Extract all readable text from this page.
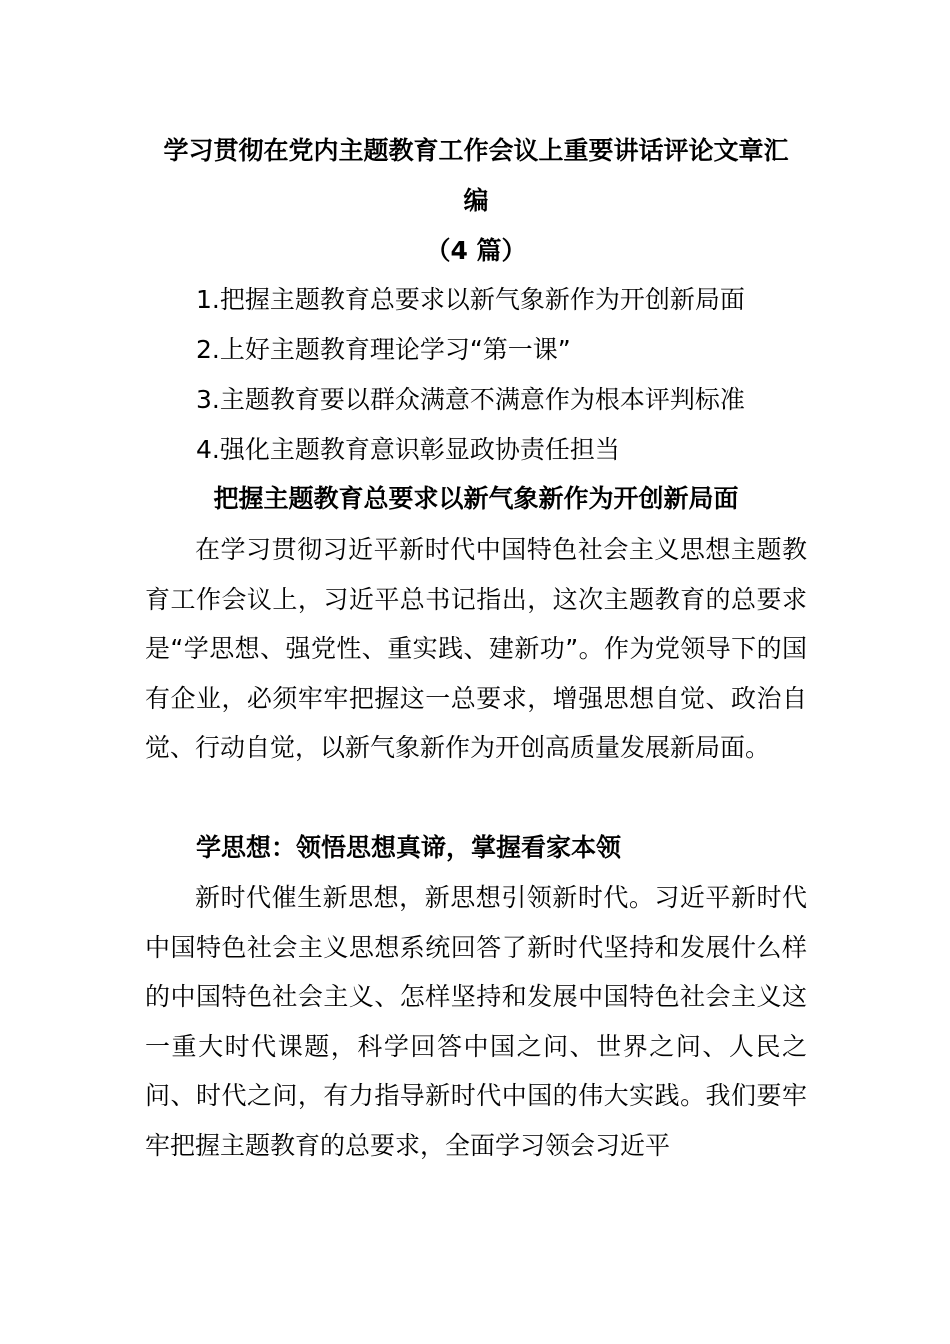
学习贯彻在党内主题教育工作会议上重要讲话评论文章汇
编
（4 篇）
1.把握主题教育总要求以新气象新作为开创新局面
2.上好主题教育理论学习“第一课”
3.主题教育要以群众满意不满意作为根本评判标准
4.强化主题教育意识彰显政协责任担当
把握主题教育总要求以新气象新作为开创新局面

在学习贯彻习近平新时代中国特色社会主义思想主题教育工作会议上，习近平总书记指出，这次主题教育的总要求是“学思想、强党性、重实践、建新功”。作为党领导下的国有企业，必须牢牢把握这一总要求，增强思想自觉、政治自觉、行动自觉，以新气象新作为开创高质量发展新局面。

学思想：领悟思想真谛，掌握看家本领

新时代催生新思想，新思想引领新时代。习近平新时代中国特色社会主义思想系统回答了新时代坚持和发展什么样的中国特色社会主义、怎样坚持和发展中国特色社会主义这一重大时代课题，科学回答中国之问、世界之问、人民之问、时代之问，有力指导新时代中国的伟大实践。我们要牢牢把握主题教育的总要求，全面学习领会习近平
